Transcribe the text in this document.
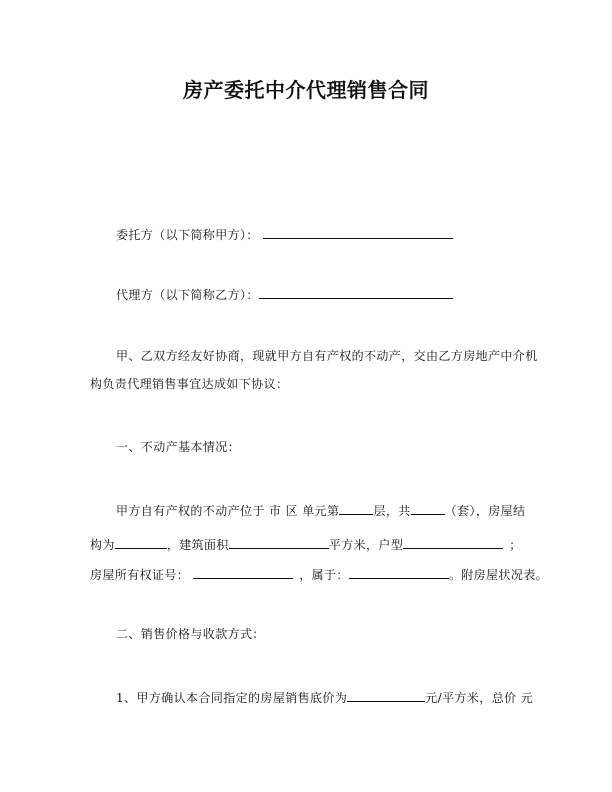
房产委托中介代理销售合同
委托方（以下简称甲方）：
代理方（以下简称乙方）：
甲、乙双方经友好协商，现就甲方自有产权的不动产，交由乙方房地产中介机
构负责代理销售事宜达成如下协议：
一、不动产基本情况：
甲方自有产权的不动产位于 市 区 单元第	层，共	（套），房屋结
构为	，建筑面积	平方米，户型	；
房屋所有权证号：	，属于：	。附房屋状况表。
二、销售价格与收款方式：
1、甲方确认本合同指定的房屋销售底价为	元/平方米，总价 元
